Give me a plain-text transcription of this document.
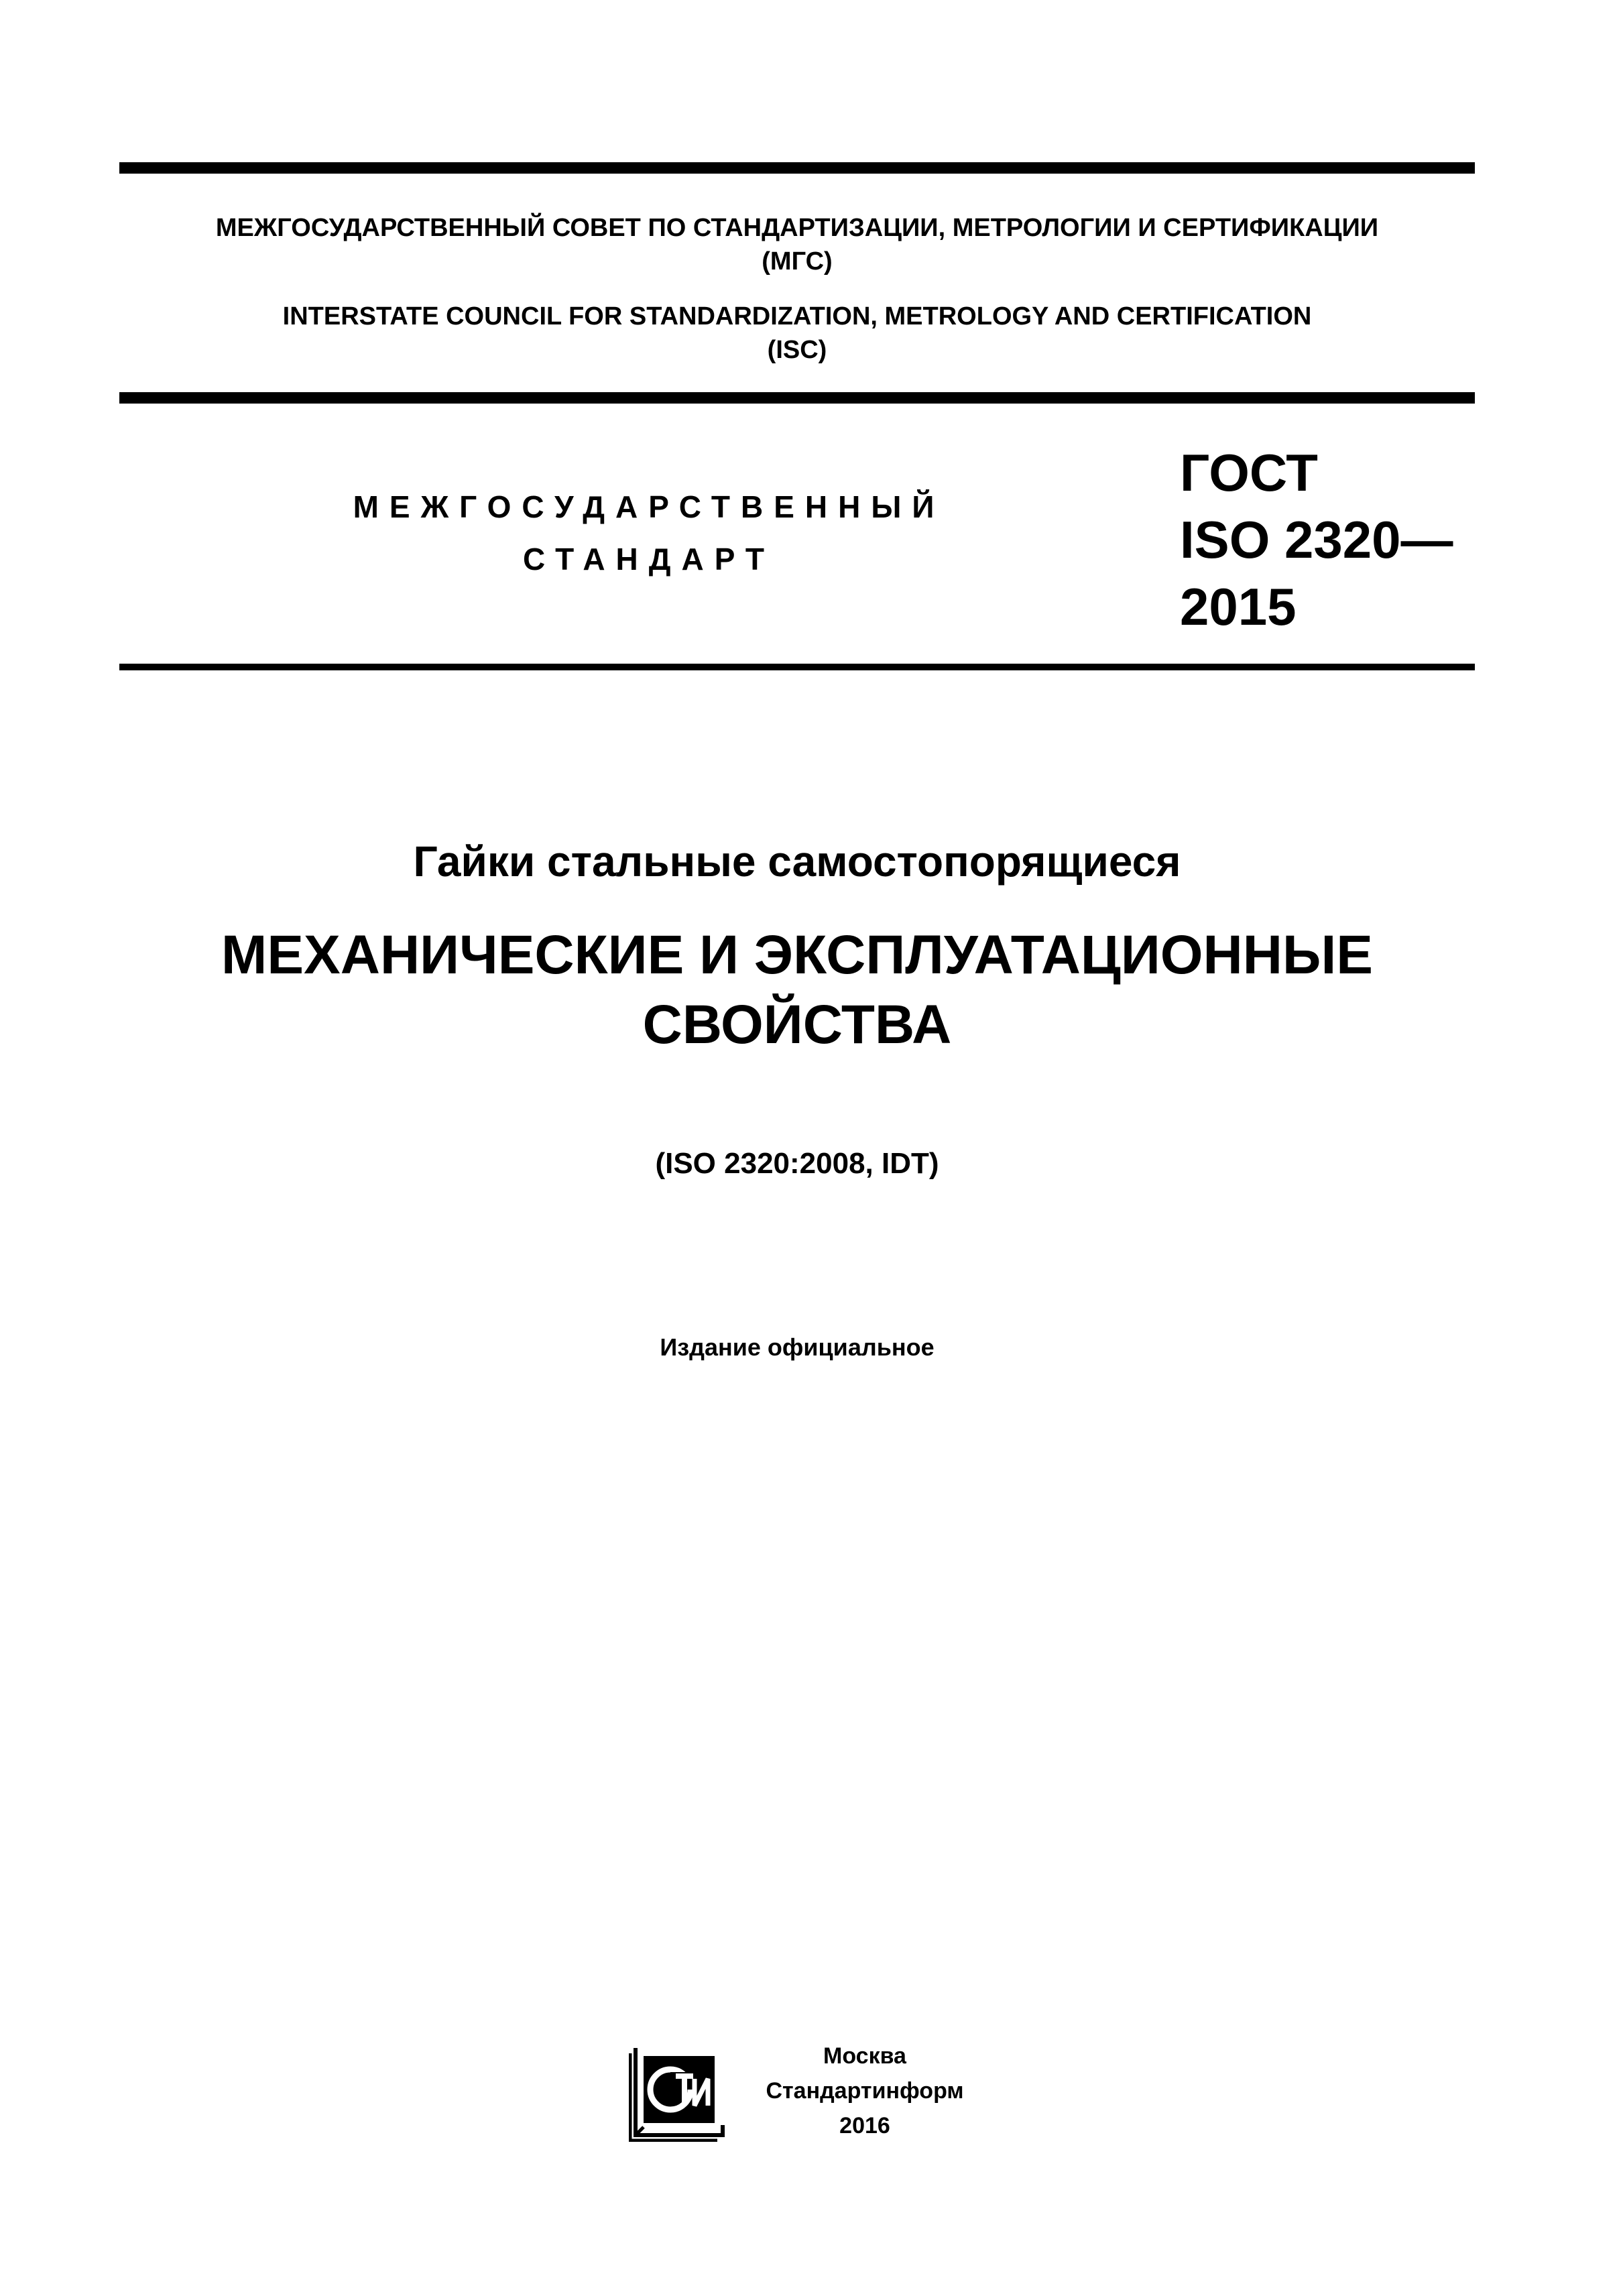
МЕЖГОСУДАРСТВЕННЫЙ СОВЕТ ПО СТАНДАРТИЗАЦИИ, МЕТРОЛОГИИ И СЕРТИФИКАЦИИ
(МГС)
INTERSTATE COUNCIL FOR STANDARDIZATION, METROLOGY AND CERTIFICATION
(ISC)
МЕЖГОСУДАРСТВЕННЫЙ
СТАНДАРТ
ГОСТ
ISO 2320—
2015
Гайки стальные самостопорящиеся
МЕХАНИЧЕСКИЕ И ЭКСПЛУАТАЦИОННЫЕ
СВОЙСТВА
(ISO 2320:2008, IDT)
Издание официальное
Москва
Стандартинформ
2016
